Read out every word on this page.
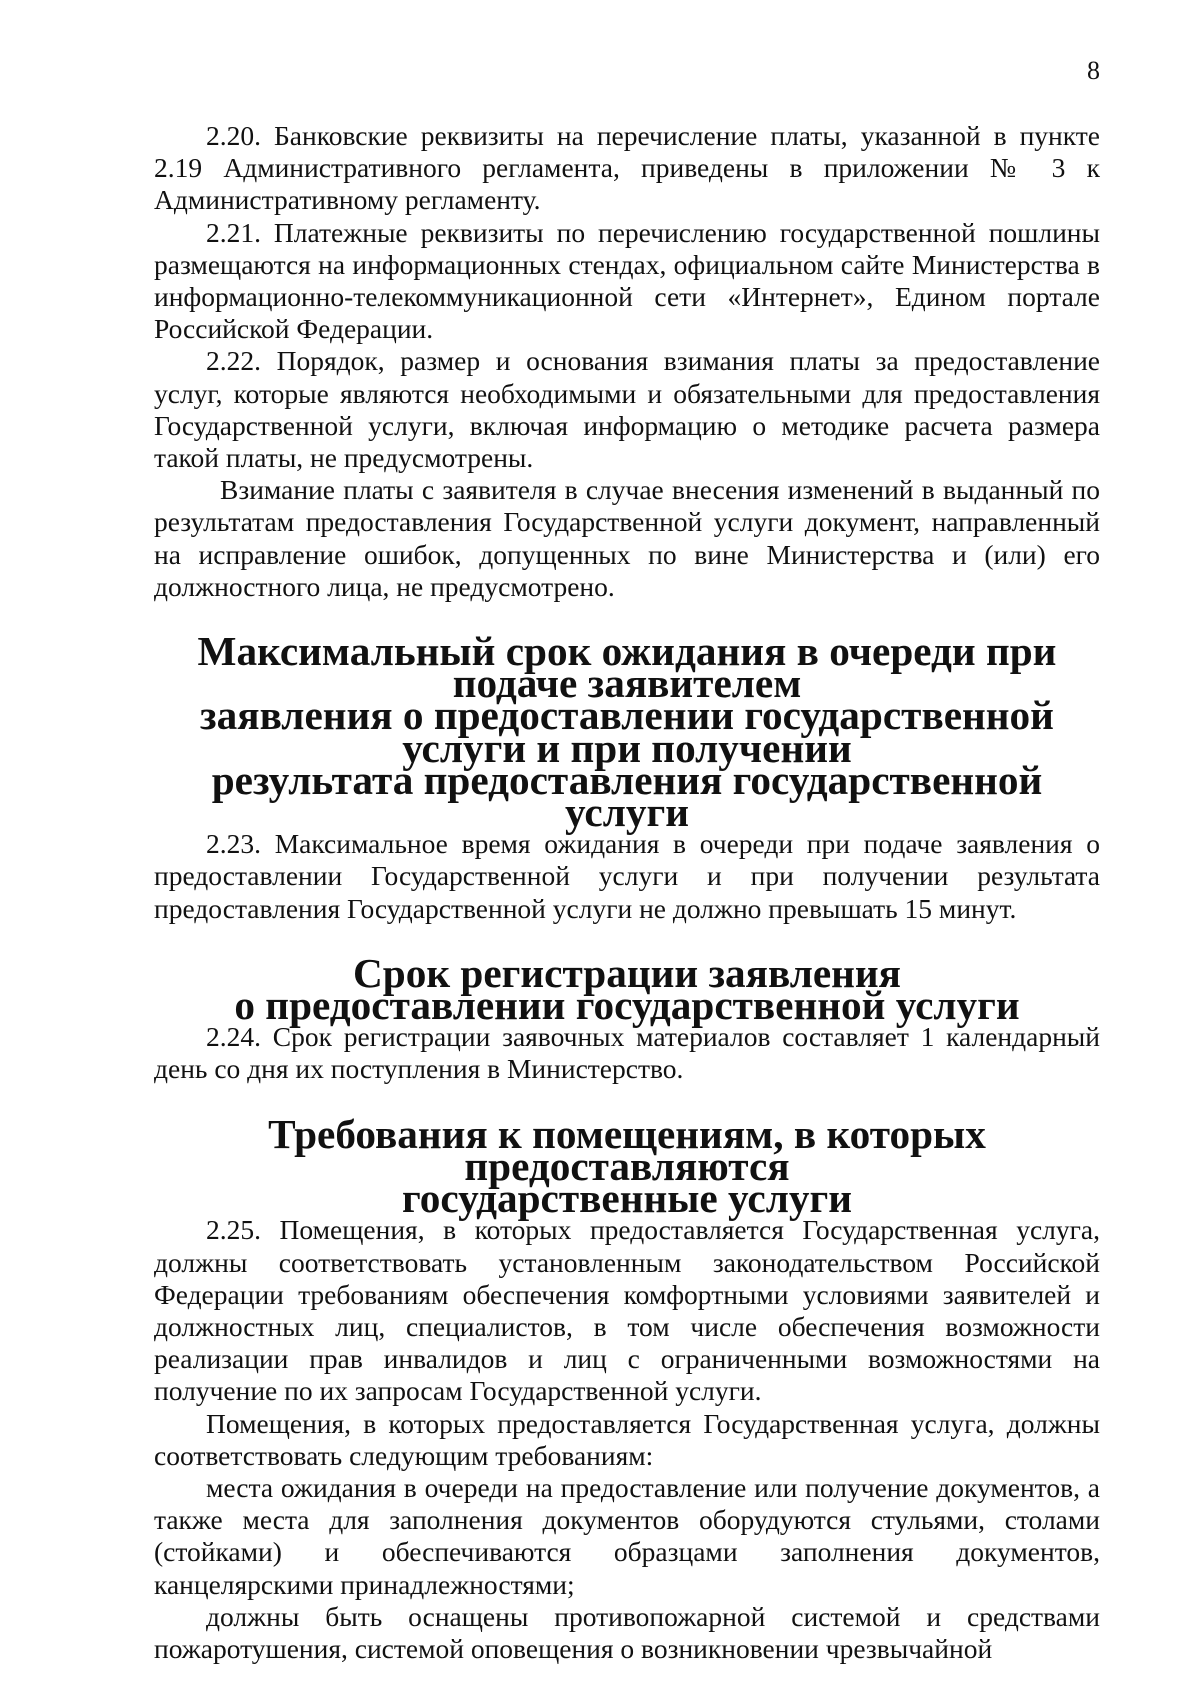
8

2.20. Банковские реквизиты на перечисление платы, указанной в пункте 2.19 Административного регламента, приведены в приложении № 3 к Административному регламенту.

2.21. Платежные реквизиты по перечислению государственной пошлины размещаются на информационных стендах, официальном сайте Министерства в информационно-телекоммуникационной сети «Интернет», Едином портале Российской Федерации.

2.22. Порядок, размер и основания взимания платы за предоставление услуг, которые являются необходимыми и обязательными для предоставления Государственной услуги, включая информацию о методике расчета размера такой платы, не предусмотрены.

Взимание платы с заявителя в случае внесения изменений в выданный по результатам предоставления Государственной услуги документ, направленный на исправление ошибок, допущенных по вине Министерства и (или) его должностного лица, не предусмотрено.

Максимальный срок ожидания в очереди при подаче заявителем
заявления о предоставлении государственной услуги и при получении
результата предоставления государственной услуги

2.23. Максимальное время ожидания в очереди при подаче заявления о предоставлении Государственной услуги и при получении результата предоставления Государственной услуги не должно превышать 15 минут.

Срок регистрации заявления
о предоставлении государственной услуги

2.24. Срок регистрации заявочных материалов составляет 1 календарный день со дня их поступления в Министерство.

Требования к помещениям, в которых предоставляются
государственные услуги

2.25. Помещения, в которых предоставляется Государственная услуга, должны соответствовать установленным законодательством Российской Федерации требованиям обеспечения комфортными условиями заявителей и должностных лиц, специалистов, в том числе обеспечения возможности реализации прав инвалидов и лиц с ограниченными возможностями на получение по их запросам Государственной услуги.

Помещения, в которых предоставляется Государственная услуга, должны соответствовать следующим требованиям:

места ожидания в очереди на предоставление или получение документов, а также места для заполнения документов оборудуются стульями, столами (стойками) и обеспечиваются образцами заполнения документов, канцелярскими принадлежностями;

должны быть оснащены противопожарной системой и средствами пожаротушения, системой оповещения о возникновении чрезвычайной
